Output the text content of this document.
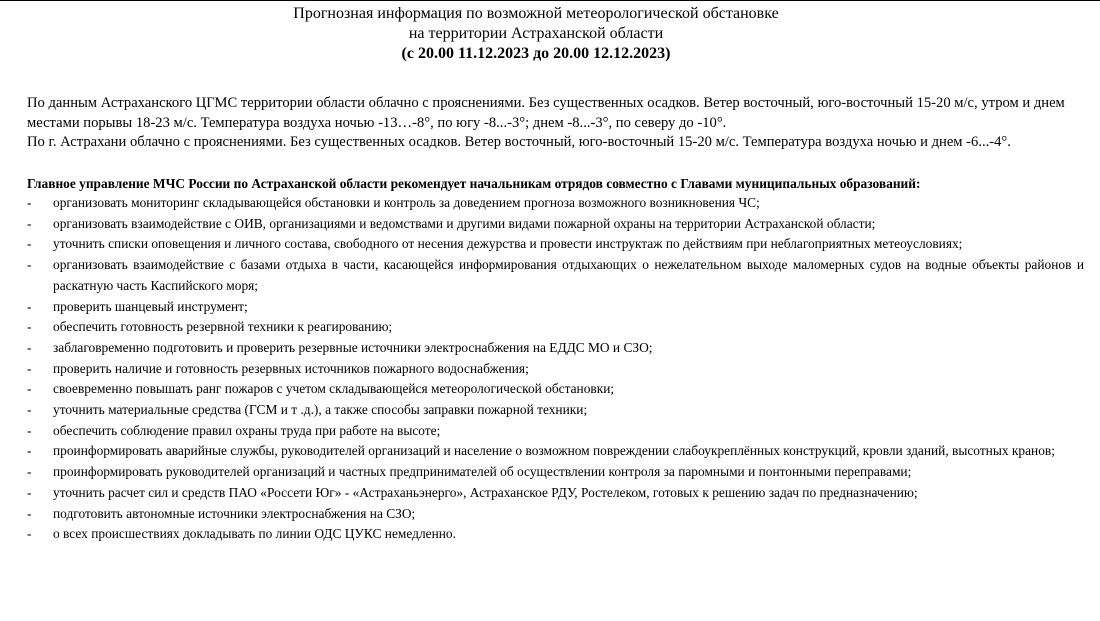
Прогнозная информация по возможной метеорологической обстановке
на территории Астраханской области
(с 20.00 11.12.2023 до 20.00 12.12.2023)

По данным Астраханского ЦГМС территории области облачно с прояснениями. Без существенных осадков. Ветер восточный, юго-восточный 15-20 м/с, утром и днем местами порывы 18-23 м/с. Температура воздуха ночью -13…-8°, по югу -8...-3°; днем -8...-3°, по северу до -10°.

По г. Астрахани облачно с прояснениями. Без существенных осадков. Ветер восточный, юго-восточный 15-20 м/с. Температура воздуха ночью и днем -6...-4°.

Главное управление МЧС России по Астраханской области рекомендует начальникам отрядов совместно с Главами муниципальных образований:
- организовать мониторинг складывающейся обстановки и контроль за доведением прогноза возможного возникновения ЧС;
- организовать взаимодействие с ОИВ, организациями и ведомствами и другими видами пожарной охраны на территории Астраханской области;
- уточнить списки оповещения и личного состава, свободного от несения дежурства и провести инструктаж по действиям при неблагоприятных метеоусловиях;
- организовать взаимодействие с базами отдыха в части, касающейся информирования отдыхающих о нежелательном выходе маломерных судов на водные объекты районов и раскатную часть Каспийского моря;
- проверить шанцевый инструмент;
- обеспечить готовность резервной техники к реагированию;
- заблаговременно подготовить и проверить резервные источники электроснабжения на ЕДДС МО и СЗО;
- проверить наличие и готовность резервных источников пожарного водоснабжения;
- своевременно повышать ранг пожаров с учетом складывающейся метеорологической обстановки;
- уточнить материальные средства (ГСМ и т .д.), а также способы заправки пожарной техники;
- обеспечить соблюдение правил охраны труда при работе на высоте;
- проинформировать аварийные службы, руководителей организаций и население о возможном повреждении слабоукреплённых конструкций, кровли зданий, высотных кранов;
- проинформировать руководителей организаций и частных предпринимателей об осуществлении контроля за паромными и понтонными переправами;
- уточнить расчет сил и средств ПАО «Россети Юг» - «Астраханьэнерго», Астраханское РДУ, Ростелеком, готовых к решению задач по предназначению;
- подготовить автономные источники электроснабжения на СЗО;
- о всех происшествиях докладывать по линии ОДС ЦУКС немедленно.
